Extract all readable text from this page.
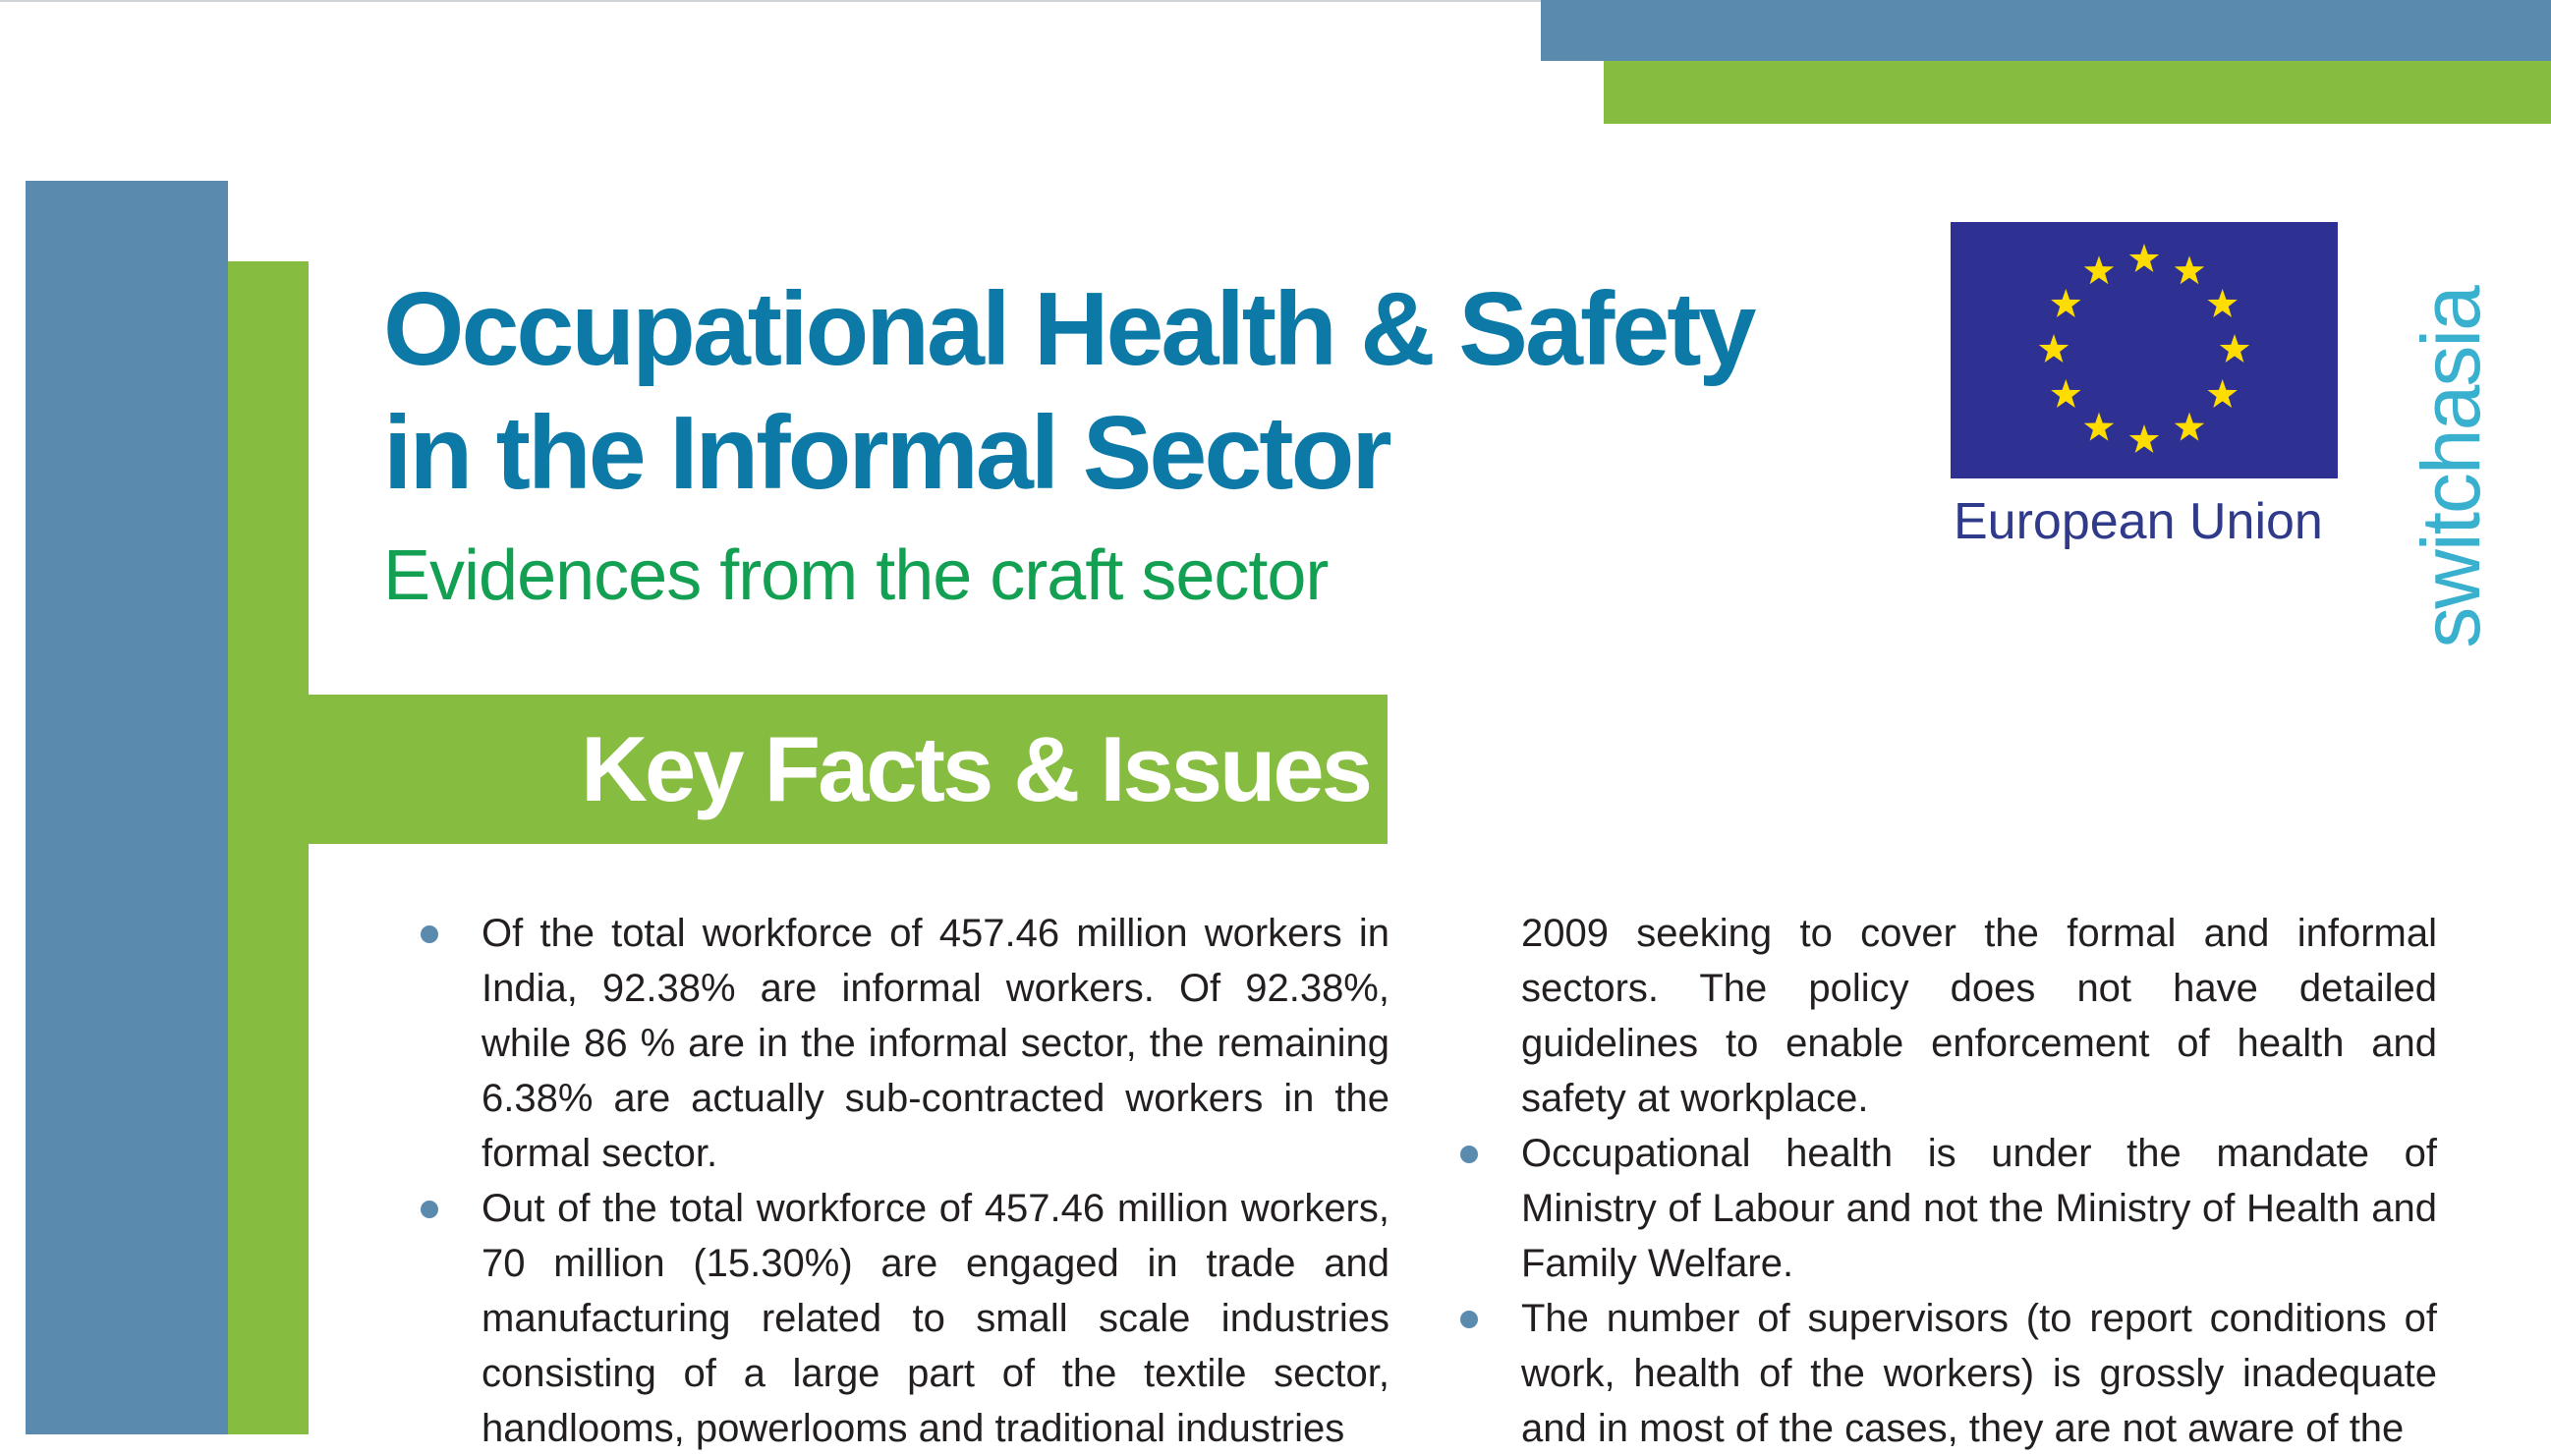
Occupational Health & Safety
in the Informal Sector
Evidences from the craft sector
Key Facts & Issues
European Union switchasia
Of the total workforce of 457.46 million workers in India, 92.38% are informal workers. Of 92.38%, while 86 % are in the informal sector, the remaining 6.38% are actually sub-contracted workers in the formal sector.
Out of the total workforce of 457.46 million workers, 70 million (15.30%) are engaged in trade and manufacturing related to small scale industries consisting of a large part of the textile sector, handlooms, powerlooms and traditional industries

2009 seeking to cover the formal and informal sectors. The policy does not have detailed guidelines to enable enforcement of health and safety at workplace.

Occupational health is under the mandate of Ministry of Labour and not the Ministry of Health and Family Welfare.
The number of supervisors (to report conditions of work, health of the workers) is grossly inadequate and in most of the cases, they are not aware of the
